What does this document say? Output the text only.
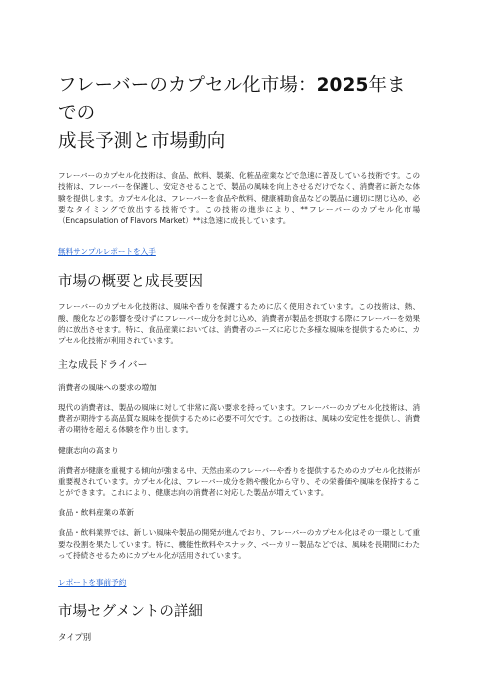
フレーバーのカプセル化市場：2025年までの
成長予測と市場動向

フレーバーのカプセル化技術は、食品、飲料、製薬、化粧品産業などで急速に普及している技術です。この技術は、フレーバーを保護し、安定させることで、製品の風味を向上させるだけでなく、消費者に新たな体験を提供します。カプセル化は、フレーバーを食品や飲料、健康補助食品などの製品に適切に閉じ込め、必要なタイミングで放出する技術です。この技術の進歩により、**フレーバーのカプセル化市場（Encapsulation of Flavors Market）**は急速に成長しています。

無料サンプルレポートを入手
市場の概要と成長要因

フレーバーのカプセル化技術は、風味や香りを保護するために広く使用されています。この技術は、熱、酸、酸化などの影響を受けずにフレーバー成分を封じ込め、消費者が製品を摂取する際にフレーバーを効果的に放出させます。特に、食品産業においては、消費者のニーズに応じた多様な風味を提供するために、カプセル化技術が利用されています。

主な成長ドライバー
消費者の風味への要求の増加

現代の消費者は、製品の風味に対して非常に高い要求を持っています。フレーバーのカプセル化技術は、消費者が期待する高品質な風味を提供するために必要不可欠です。この技術は、風味の安定性を提供し、消費者の期待を超える体験を作り出します。

健康志向の高まり

消費者が健康を重視する傾向が強まる中、天然由来のフレーバーや香りを提供するためのカプセル化技術が重要視されています。カプセル化は、フレーバー成分を熱や酸化から守り、その栄養価や風味を保持することができます。これにより、健康志向の消費者に対応した製品が増えています。

食品・飲料産業の革新

食品・飲料業界では、新しい風味や製品の開発が進んでおり、フレーバーのカプセル化はその一環として重要な役割を果たしています。特に、機能性飲料やスナック、ベーカリー製品などでは、風味を長期間にわたって持続させるためにカプセル化が活用されています。

レポートを事前予約
市場セグメントの詳細
タイプ別
